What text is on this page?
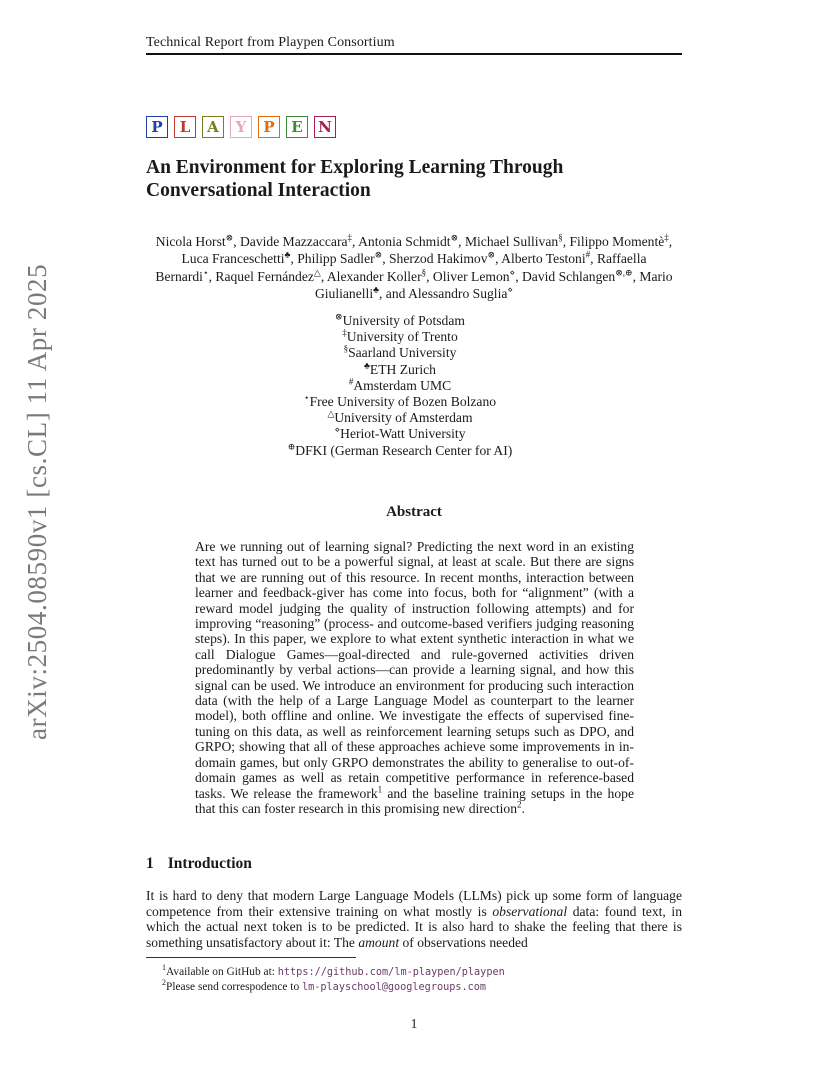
Technical Report from Playpen Consortium
P L A Y P E N
An Environment for Exploring Learning Through
Conversational Interaction
Nicola Horst⊗, Davide Mazzaccara‡, Antonia Schmidt⊗, Michael Sullivan§, Filippo Momentè‡, Luca Franceschetti♣, Philipp Sadler⊗, Sherzod Hakimov⊗, Alberto Testoni#, Raffaella Bernardi⋆, Raquel Fernández△, Alexander Koller§, Oliver Lemon⋄, David Schlangen⊗,⊕, Mario Giulianelli♣, and Alessandro Suglia⋄
⊗University of Potsdam
‡University of Trento
§Saarland University
♣ETH Zurich
#Amsterdam UMC
⋆Free University of Bozen Bolzano
△University of Amsterdam
⋄Heriot-Watt University
⊕DFKI (German Research Center for AI)
arXiv:2504.08590v1 [cs.CL] 11 Apr 2025	Abstract
Are we running out of learning signal? Predicting the next word in an existing text has turned out to be a powerful signal, at least at scale. But there are signs that we are running out of this resource. In recent months, interaction between learner and feedback-giver has come into focus, both for “alignment” (with a reward model judging the quality of instruction following attempts) and for improving “reasoning” (process- and outcome-based verifiers judging reasoning steps). In this paper, we explore to what extent synthetic interaction in what we call Dialogue Games—goal-directed and rule-governed activities driven predominantly by verbal actions—can provide a learning signal, and how this signal can be used. We introduce an environment for producing such interaction data (with the help of a Large Language Model as counterpart to the learner model), both offline and online. We investigate the effects of supervised fine-tuning on this data, as well as reinforcement learning setups such as DPO, and GRPO; showing that all of these approaches achieve some improvements in in-domain games, but only GRPO demonstrates the ability to generalise to out-of-domain games as well as retain competitive performance in reference-based tasks. We release the framework$^1$ and the baseline training setups in the hope that this can foster research in this promising new direction$^2$.
1 Introduction
It is hard to deny that modern Large Language Models (LLMs) pick up some form of language competence from their extensive training on what mostly is observational data: found text, in which the actual next token is to be predicted. It is also hard to shake the feeling that there is something unsatisfactory about it: The amount of observations needed
$^1$Available on GitHub at: https://github.com/lm-playpen/playpen
$^2$Please send correspodence to lm-playschool@googlegroups.com
1
